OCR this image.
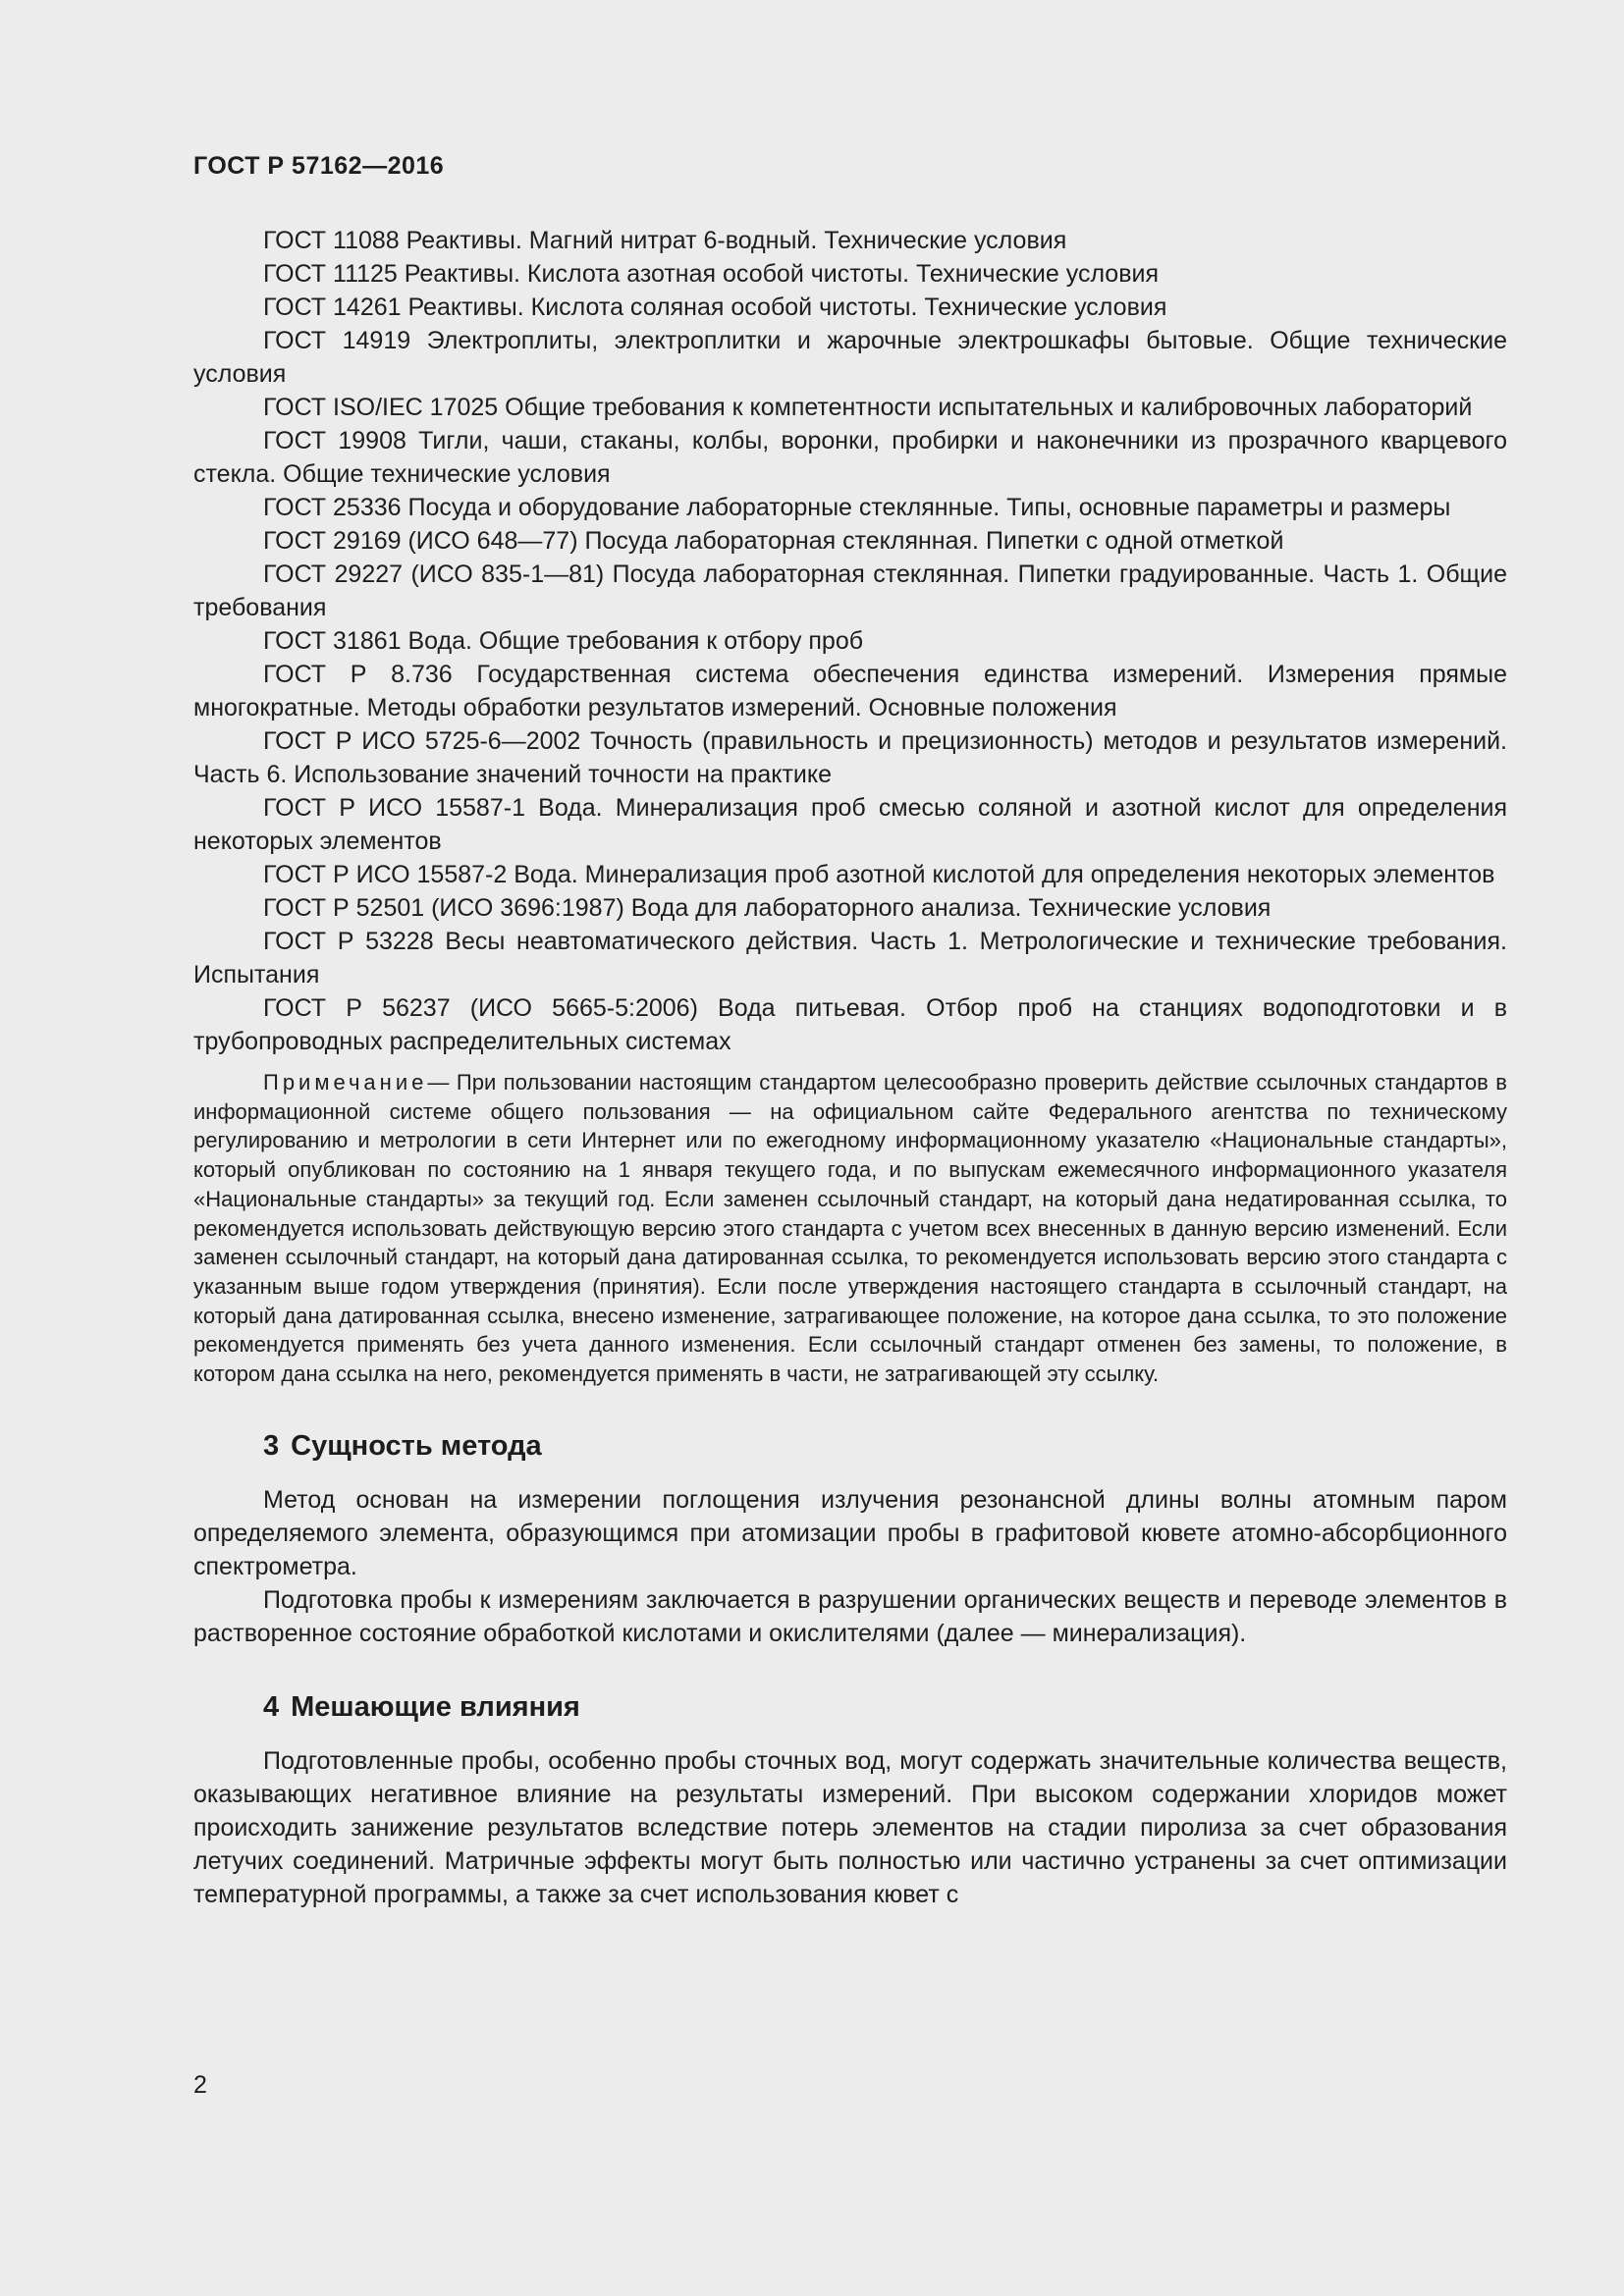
ГОСТ Р 57162—2016

ГОСТ 11088 Реактивы. Магний нитрат 6-водный. Технические условия

ГОСТ 11125 Реактивы. Кислота азотная особой чистоты. Технические условия

ГОСТ 14261 Реактивы. Кислота соляная особой чистоты. Технические условия

ГОСТ 14919 Электроплиты, электроплитки и жарочные электрошкафы бытовые. Общие технические условия

ГОСТ ISO/IEC 17025 Общие требования к компетентности испытательных и калибровочных лабораторий

ГОСТ 19908 Тигли, чаши, стаканы, колбы, воронки, пробирки и наконечники из прозрачного кварцевого стекла. Общие технические условия

ГОСТ 25336 Посуда и оборудование лабораторные стеклянные. Типы, основные параметры и размеры

ГОСТ 29169 (ИСО 648—77) Посуда лабораторная стеклянная. Пипетки с одной отметкой

ГОСТ 29227 (ИСО 835-1—81) Посуда лабораторная стеклянная. Пипетки градуированные. Часть 1. Общие требования

ГОСТ 31861 Вода. Общие требования к отбору проб

ГОСТ Р 8.736 Государственная система обеспечения единства измерений. Измерения прямые многократные. Методы обработки результатов измерений. Основные положения

ГОСТ Р ИСО 5725-6—2002 Точность (правильность и прецизионность) методов и результатов измерений. Часть 6. Использование значений точности на практике

ГОСТ Р ИСО 15587-1 Вода. Минерализация проб смесью соляной и азотной кислот для определения некоторых элементов

ГОСТ Р ИСО 15587-2 Вода. Минерализация проб азотной кислотой для определения некоторых элементов

ГОСТ Р 52501 (ИСО 3696:1987) Вода для лабораторного анализа. Технические условия

ГОСТ Р 53228 Весы неавтоматического действия. Часть 1. Метрологические и технические требования. Испытания

ГОСТ Р 56237 (ИСО 5665-5:2006) Вода питьевая. Отбор проб на станциях водоподготовки и в трубопроводных распределительных системах

Примечание— При пользовании настоящим стандартом целесообразно проверить действие ссылочных стандартов в информационной системе общего пользования — на официальном сайте Федерального агентства по техническому регулированию и метрологии в сети Интернет или по ежегодному информационному указателю «Национальные стандарты», который опубликован по состоянию на 1 января текущего года, и по выпускам ежемесячного информационного указателя «Национальные стандарты» за текущий год. Если заменен ссылочный стандарт, на который дана недатированная ссылка, то рекомендуется использовать действующую версию этого стандарта с учетом всех внесенных в данную версию изменений. Если заменен ссылочный стандарт, на который дана датированная ссылка, то рекомендуется использовать версию этого стандарта с указанным выше годом утверждения (принятия). Если после утверждения настоящего стандарта в ссылочный стандарт, на который дана датированная ссылка, внесено изменение, затрагивающее положение, на которое дана ссылка, то это положение рекомендуется применять без учета данного изменения. Если ссылочный стандарт отменен без замены, то положение, в котором дана ссылка на него, рекомендуется применять в части, не затрагивающей эту ссылку.

3 Сущность метода

Метод основан на измерении поглощения излучения резонансной длины волны атомным паром определяемого элемента, образующимся при атомизации пробы в графитовой кювете атомно-абсорбционного спектрометра.

Подготовка пробы к измерениям заключается в разрушении органических веществ и переводе элементов в растворенное состояние обработкой кислотами и окислителями (далее — минерализация).

4 Мешающие влияния

Подготовленные пробы, особенно пробы сточных вод, могут содержать значительные количества веществ, оказывающих негативное влияние на результаты измерений. При высоком содержании хлоридов может происходить занижение результатов вследствие потерь элементов на стадии пиролиза за счет образования летучих соединений. Матричные эффекты могут быть полностью или частично устранены за счет оптимизации температурной программы, а также за счет использования кювет с

2
